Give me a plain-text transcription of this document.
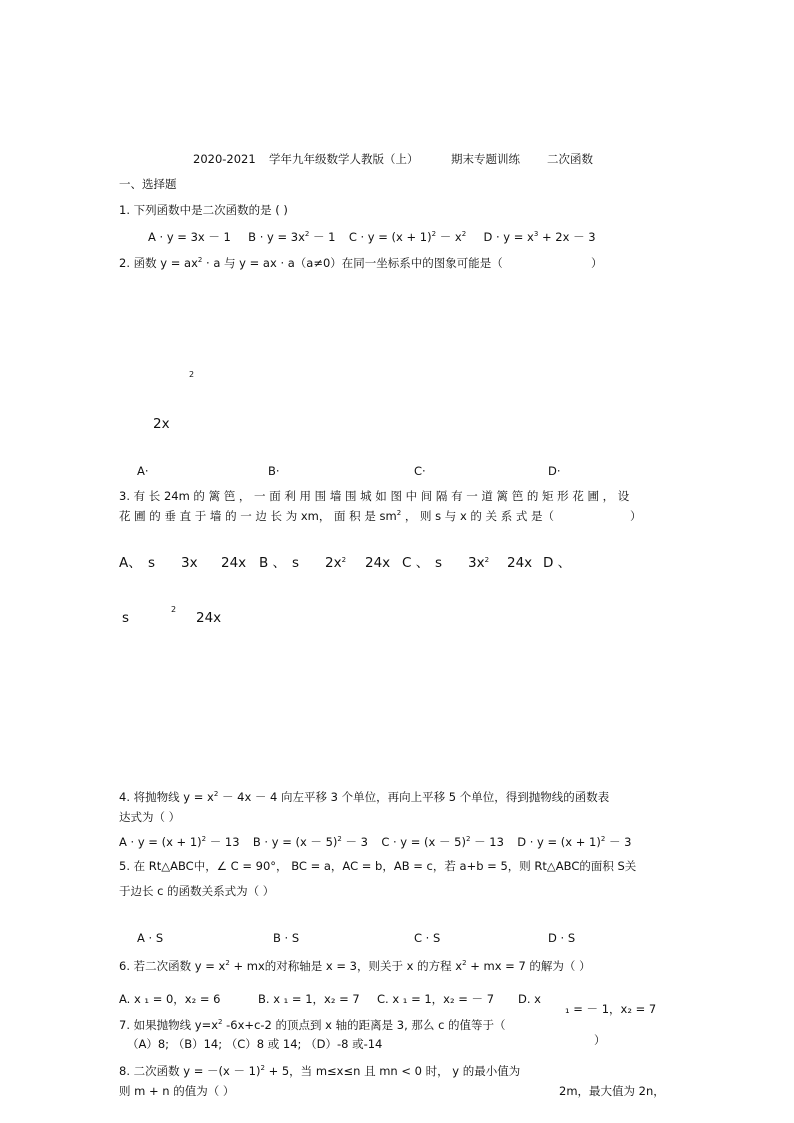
2020-2021 学年九年级数学人教版（上）	期末专题训练 二次函数
一、选择题
1. 下列函数中是二次函数的是 ( )
A · y = 3x － 1 $B \cdot y = 3x^2 - 1$ $C \cdot y = (x + 1)^2 - x^2$ $D \cdot y = x^3 + 2x - 3$
2. 函数 $y = ax^2 \cdot a$ 与 y = ax · a（a≠0）在同一坐标系中的图象可能是（	）
2
2x
A·	B·	C·	D·
3. 有 长 24m 的 篱 笆 ， 一 面 利 用 围 墙 围 城 如 图 中 间 隔 有 一 道 篱 笆 的 矩 形 花 圃 ， 设
花 圃 的 垂 直 于 墙 的 一 边 长 为 xm， 面 积 是 $sm^2$ ， 则 s 与 x 的 关 系 式 是（	）
A、 s 3x 24x B 、 s $2x^2$ 24x C 、 s $3x^2$ 24x D 、
s
2
24x
4. 将抛物线 $y = x^2 - 4x - 4$ 向左平移 3 个单位，再向上平移 5 个单位，得到抛物线的函数表
达式为（ ）
$A \cdot y = (x + 1)^2 - 13$ $B \cdot y = (x - 5)^2 - 3$ $C \cdot y = (x - 5)^2 - 13$ $D \cdot y = (x + 1)^2 - 3$
5. 在 Rt△ABC中，∠ C = 90°， BC = a，AC = b，AB = c，若 a+b = 5，则 Rt△ABC的面积 S关
于边长 c 的函数关系式为（ ）
A · S	B · S	C · S	D · S
6. 若二次函数 $y = x^2$ + mx的对称轴是 x = 3，则关于 x 的方程 $x^2$ + mx = 7 的解为（ ）
A. x ₁ = 0，x₂ = 6	B. x ₁ = 1，x₂ = 7 C. x ₁ = 1，x₂ = － 7 D. x
₁ = － 1，x₂ = 7
7. 如果抛物线 $y=x^2$ -6x+c-2 的顶点到 x 轴的距离是 3, 那么 c 的值等于（
（A）8; （B）14; （C）8 或 14; （D）-8 或-14	）
8. 二次函数 $y = -(x - 1)^2 + 5$，当 m≤x≤n 且 mn < 0 时， y 的最小值为
则 m + n 的值为（ ）	2m，最大值为 2n，
